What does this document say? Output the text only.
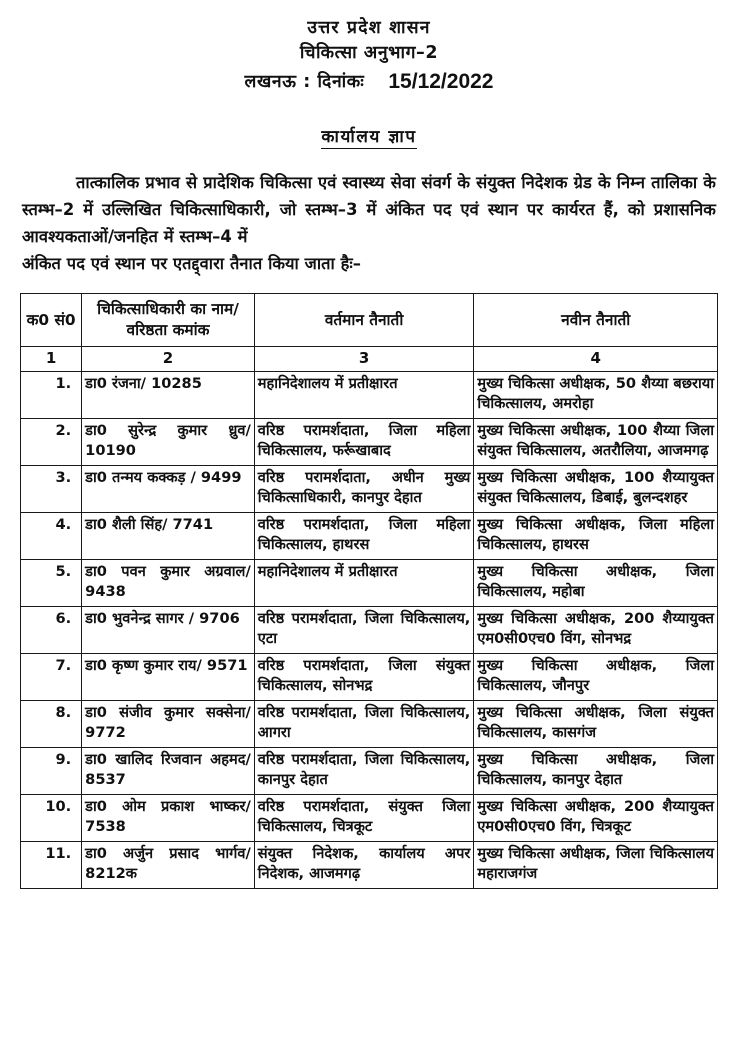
उत्तर प्रदेश शासन
चिकित्सा अनुभाग–2
लखनऊ : दिनांकः 15/12/2022
कार्यालय ज्ञाप
तात्कालिक प्रभाव से प्रादेशिक चिकित्सा एवं स्वास्थ्य सेवा संवर्ग के संयुक्त निदेशक ग्रेड के निम्न तालिका के स्तम्भ–2 में उल्लिखित चिकित्साधिकारी, जो स्तम्भ–3 में अंकित पद एवं स्थान पर कार्यरत हैं, को प्रशासनिक आवश्यकताओं/जनहित में स्तम्भ–4 में
अंकित पद एवं स्थान पर एतद्द्वारा तैनात किया जाता हैः–
क0 सं0	चिकित्साधिकारी का नाम/वरिष्ठता कमांक	वर्तमान तैनाती	नवीन तैनाती
1	2	3	4
1.	डा0 रंजना/ 10285	महानिदेशालय में प्रतीक्षारत	मुख्य चिकित्सा अधीक्षक, 50 शैय्या बछराया चिकित्सालय, अमरोहा
2.	डा0 सुरेन्द्र कुमार ध्रुव/ 10190	वरिष्ठ परामर्शदाता, जिला महिला चिकित्सालय, फर्रूखाबाद	मुख्य चिकित्सा अधीक्षक, 100 शैय्या जिला संयुक्त चिकित्सालय, अतरौलिया, आजमगढ़
3.	डा0 तन्मय कक्कड़ / 9499	वरिष्ठ परामर्शदाता, अधीन मुख्य चिकित्साधिकारी, कानपुर देहात	मुख्य चिकित्सा अधीक्षक, 100 शैय्यायुक्त संयुक्त चिकित्सालय, डिबाई, बुलन्दशहर
4.	डा0 शैली सिंह/ 7741	वरिष्ठ परामर्शदाता, जिला महिला चिकित्सालय, हाथरस	मुख्य चिकित्सा अधीक्षक, जिला महिला चिकित्सालय, हाथरस
5.	डा0 पवन कुमार अग्रवाल/ 9438	महानिदेशालय में प्रतीक्षारत	मुख्य चिकित्सा अधीक्षक, जिला चिकित्सालय, महोबा
6.	डा0 भुवनेन्द्र सागर / 9706	वरिष्ठ परामर्शदाता, जिला चिकित्सालय, एटा	मुख्य चिकित्सा अधीक्षक, 200 शैय्यायुक्त एम0सी0एच0 विंग, सोनभद्र
7.	डा0 कृष्ण कुमार राय/ 9571	वरिष्ठ परामर्शदाता, जिला संयुक्त चिकित्सालय, सोनभद्र	मुख्य चिकित्सा अधीक्षक, जिला चिकित्सालय, जौनपुर
8.	डा0 संजीव कुमार सक्सेना/ 9772	वरिष्ठ परामर्शदाता, जिला चिकित्सालय, आगरा	मुख्य चिकित्सा अधीक्षक, जिला संयुक्त चिकित्सालय, कासगंज
9.	डा0 खालिद रिजवान अहमद/ 8537	वरिष्ठ परामर्शदाता, जिला चिकित्सालय, कानपुर देहात	मुख्य चिकित्सा अधीक्षक, जिला चिकित्सालय, कानपुर देहात
10.	डा0 ओम प्रकाश भाष्कर/ 7538	वरिष्ठ परामर्शदाता, संयुक्त जिला चिकित्सालय, चित्रकूट	मुख्य चिकित्सा अधीक्षक, 200 शैय्यायुक्त एम0सी0एच0 विंग, चित्रकूट
11.	डा0 अर्जुन प्रसाद भार्गव/ 8212क	संयुक्त निदेशक, कार्यालय अपर निदेशक, आजमगढ़	मुख्य चिकित्सा अधीक्षक, जिला चिकित्सालय महाराजगंज
